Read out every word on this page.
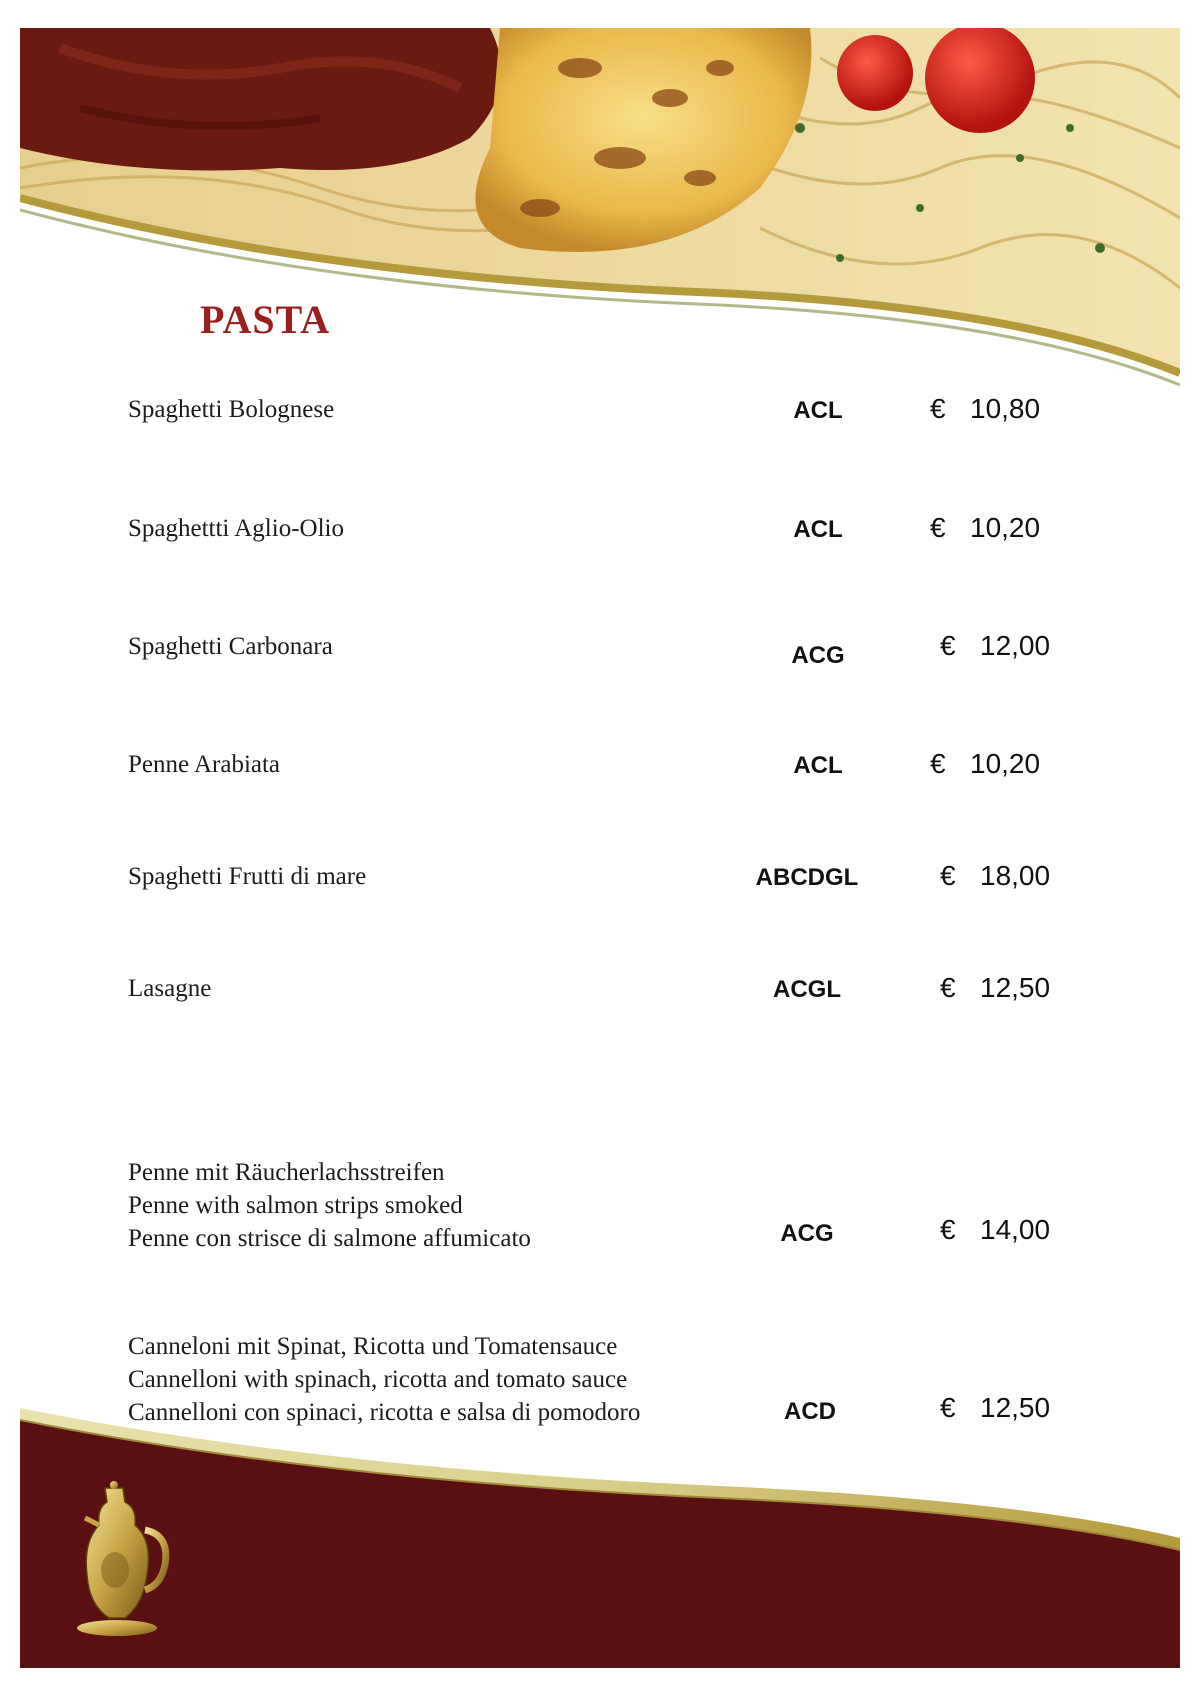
PASTA
Spaghetti Bolognese	ACL	€ 10,80
Spaghettti Aglio-Olio	ACL	€ 10,20
Spaghetti Carbonara	ACG	€ 12,00
Penne Arabiata	ACL	€ 10,20
Spaghetti Frutti di mare	ABCDGL	€ 18,00
Lasagne	ACGL	€ 12,50
Penne mit Räucherlachsstreifen
Penne with salmon strips smoked
Penne con strisce di salmone affumicato	ACG	€ 14,00
Canneloni mit Spinat, Ricotta und Tomatensauce
Cannelloni with spinach, ricotta and tomato sauce
Cannelloni con spinaci, ricotta e salsa di pomodoro	ACD	€ 12,50
